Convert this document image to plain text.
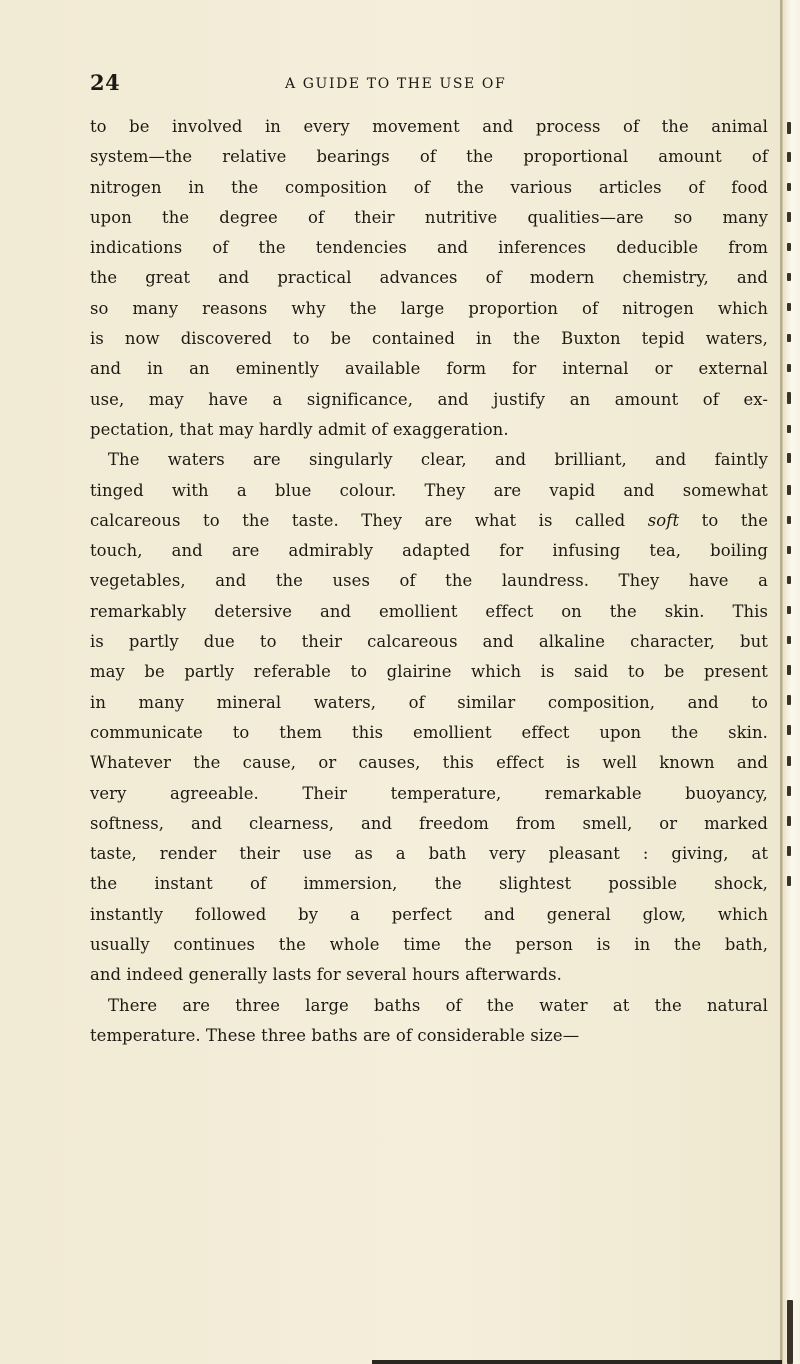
24	A GUIDE TO THE USE OF
to be involved in every movement and process of the animal
system—the relative bearings of the proportional amount of
nitrogen in the composition of the various articles of food
upon the degree of their nutritive qualities—are so many
indications of the tendencies and inferences deducible from
the great and practical advances of modern chemistry, and
so many reasons why the large proportion of nitrogen which
is now discovered to be contained in the Buxton tepid waters,
and in an eminently available form for internal or external
use, may have a significance, and justify an amount of ex-
pectation, that may hardly admit of exaggeration.
The waters are singularly clear, and brilliant, and faintly
tinged with a blue colour. They are vapid and somewhat
calcareous to the taste. They are what is called soft to the
touch, and are admirably adapted for infusing tea, boiling
vegetables, and the uses of the laundress. They have a
remarkably detersive and emollient effect on the skin. This
is partly due to their calcareous and alkaline character, but
may be partly referable to glairine which is said to be present
in many mineral waters, of similar composition, and to
communicate to them this emollient effect upon the skin.
Whatever the cause, or causes, this effect is well known and
very agreeable. Their temperature, remarkable buoyancy,
softness, and clearness, and freedom from smell, or marked
taste, render their use as a bath very pleasant : giving, at
the instant of immersion, the slightest possible shock,
instantly followed by a perfect and general glow, which
usually continues the whole time the person is in the bath,
and indeed generally lasts for several hours afterwards.
There are three large baths of the water at the natural
temperature. These three baths are of considerable size—
